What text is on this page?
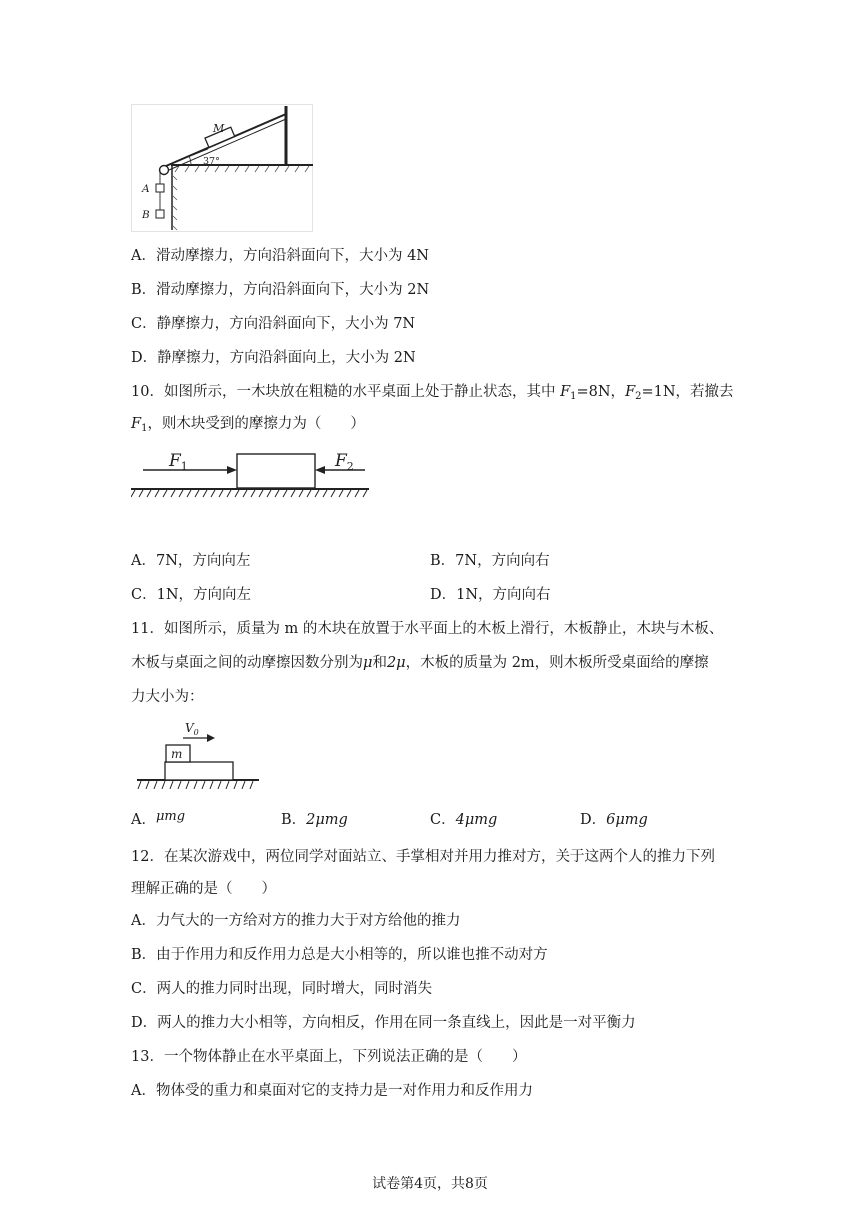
M
37°
A
B
A．滑动摩擦力，方向沿斜面向下，大小为 4N
B．滑动摩擦力，方向沿斜面向下，大小为 2N
C．静摩擦力，方向沿斜面向下，大小为 7N
D．静摩擦力，方向沿斜面向上，大小为 2N
10．如图所示，一木块放在粗糙的水平桌面上处于静止状态，其中 $F_1=8N$，$F_2=1N$，若撤去
$F_1$，则木块受到的摩擦力为（　　）
$F_1$	$F_2$
A．7N，方向向左	B．7N，方向向右
C．1N，方向向左	D．1N，方向向右
11．如图所示，质量为 m 的木块在放置于水平面上的木板上滑行，木板静止，木块与木板、
木板与桌面之间的动摩擦因数分别为μ和2μ，木板的质量为 2m，则木板所受桌面给的摩擦
力大小为：
m
$V_0$
A．μmg	B．2μmg	C．4μmg	D．6μmg
12．在某次游戏中，两位同学对面站立、手掌相对并用力推对方，关于这两个人的推力下列
理解正确的是（　　）
A．力气大的一方给对方的推力大于对方给他的推力
B．由于作用力和反作用力总是大小相等的，所以谁也推不动对方
C．两人的推力同时出现，同时增大，同时消失
D．两人的推力大小相等，方向相反，作用在同一条直线上，因此是一对平衡力
13．一个物体静止在水平桌面上，下列说法正确的是（　　）
A．物体受的重力和桌面对它的支持力是一对作用力和反作用力
试卷第4页，共8页
